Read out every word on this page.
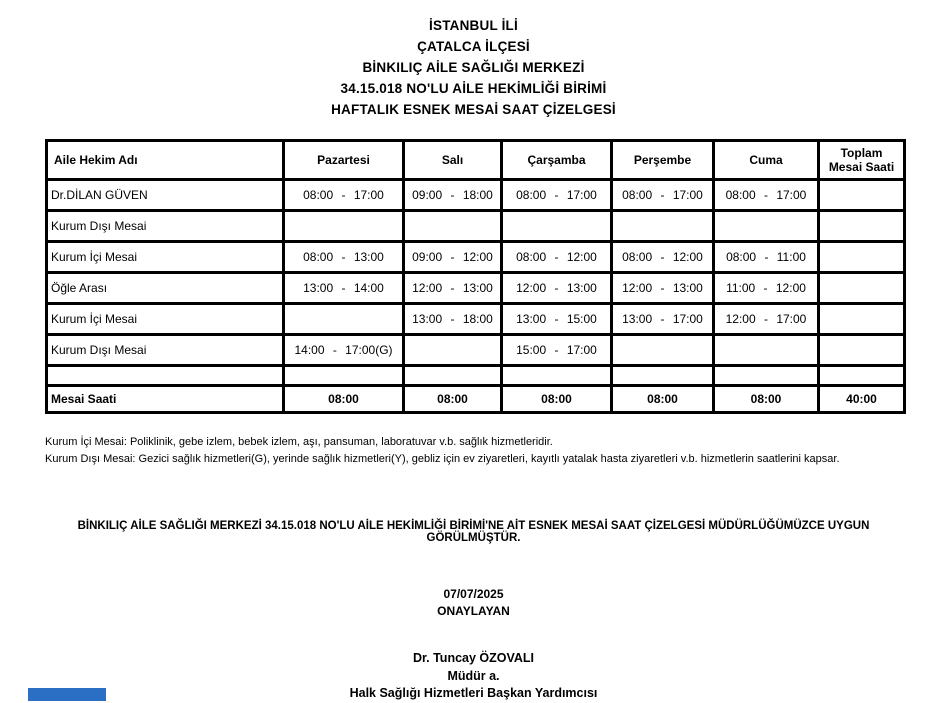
İSTANBUL İLİ
ÇATALCA İLÇESİ
BİNKILIÇ AİLE SAĞLIĞI MERKEZİ
34.15.018 NO'LU AİLE HEKİMLİĞİ BİRİMİ
HAFTALIK ESNEK MESAİ SAAT ÇİZELGESİ
Aile Hekim Adı	Pazartesi	Salı	Çarşamba	Perşembe	Cuma	Toplam Mesai Saati
Dr.DİLAN GÜVEN	08:00 - 17:00	09:00 - 18:00	08:00 - 17:00	08:00 - 17:00	08:00 - 17:00	
Kurum Dışı Mesai						
Kurum İçi Mesai	08:00 - 13:00	09:00 - 12:00	08:00 - 12:00	08:00 - 12:00	08:00 - 11:00	
Öğle Arası	13:00 - 14:00	12:00 - 13:00	12:00 - 13:00	12:00 - 13:00	11:00 - 12:00	
Kurum İçi Mesai		13:00 - 18:00	13:00 - 15:00	13:00 - 17:00	12:00 - 17:00	
Kurum Dışı Mesai	14:00 - 17:00(G)		15:00 - 17:00			

Mesai Saati	08:00	08:00	08:00	08:00	08:00	40:00
Kurum İçi Mesai: Poliklinik, gebe izlem, bebek izlem, aşı, pansuman, laboratuvar v.b. sağlık hizmetleridir.
Kurum Dışı Mesai: Gezici sağlık hizmetleri(G), yerinde sağlık hizmetleri(Y), gebliz için ev ziyaretleri, kayıtlı yatalak hasta ziyaretleri v.b. hizmetlerin saatlerini kapsar.
BİNKILIÇ AİLE SAĞLIĞI MERKEZİ 34.15.018 NO'LU AİLE HEKİMLİĞİ BİRİMİ'NE AİT ESNEK MESAİ SAAT ÇİZELGESİ MÜDÜRLÜĞÜMÜZCE UYGUN GÖRÜLMÜŞTÜR.
07/07/2025
ONAYLAYAN
Dr. Tuncay ÖZOVALI
Müdür a.
Halk Sağlığı Hizmetleri Başkan Yardımcısı
